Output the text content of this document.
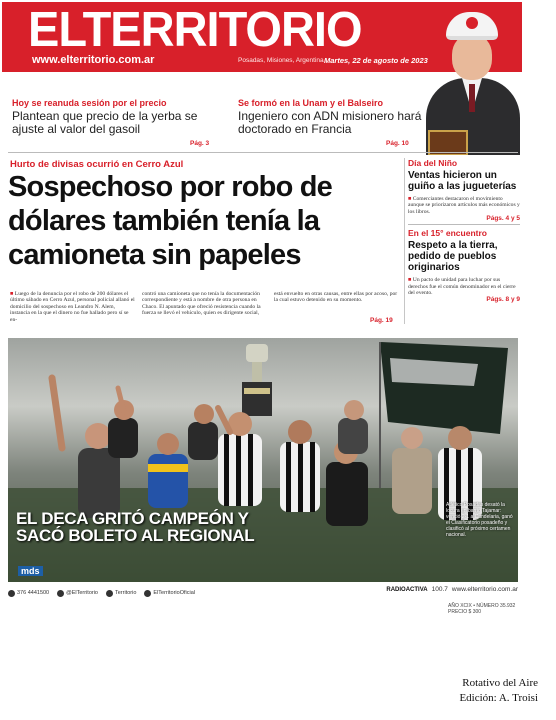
ELTERRITORIO
www.elterritorio.com.ar	Posadas, Misiones, Argentina Martes, 22 de agosto de 2023
Hoy se reanuda sesión por el precio
Plantean que precio de la yerba se ajuste al valor del gasoil
Pág. 3
Se formó en la Unam y el Balseiro
Ingeniero con ADN misionero hará doctorado en Francia
Pág. 10
Hurto de divisas ocurrió en Cerro Azul
Sospechoso por robo de dólares también tenía la camioneta sin papeles
■ Luego de la denuncia por el robo de 200 dólares el último sábado en Cerro Azul, personal policial allanó el domicilio del sospechoso en Leandro N. Alem, instancia en la que el dinero no fue hallado pero sí se en-
contró una camioneta que no tenía la documentación correspondiente y está a nombre de otra persona en Chaco. El apuntado que ofreció resistencia cuando la fuerza se llevó el vehículo, quien es dirigente social,
está envuelto en otras causas, entre ellas por acoso, por la cual estuvo detenido en su momento.
Pág. 19
Día del Niño
Ventas hicieron un guiño a las jugueterías
■ Comerciantes destacaron el movimiento aunque se priorizaron artículos más económicos y los libros.
Págs. 4 y 5
En el 15° encuentro
Respeto a la tierra, pedido de pueblos originarios
■ Un pacto de unidad para luchar por sus derechos fue el común denominador en el cierre del evento.
Págs. 8 y 9
EL DECA GRITÓ CAMPEÓN Y SACÓ BOLETO AL REGIONAL
mds
Atlético Posadas desató la locura en barrio Tajamar: venció 2-1 a Candelaria, ganó el Clasificatorio posadeño y clasificó al próximo certamen nacional.
376 4441500	@ElTerritorio	Territorio	ElTerritorioOficial
RADIOACTIVA 100.7 www.elterritorio.com.ar
AÑO XCIX • NÚMERO 35.932
PRECIO $ 300
Rotativo del Aire
Edición: A. Troisi
